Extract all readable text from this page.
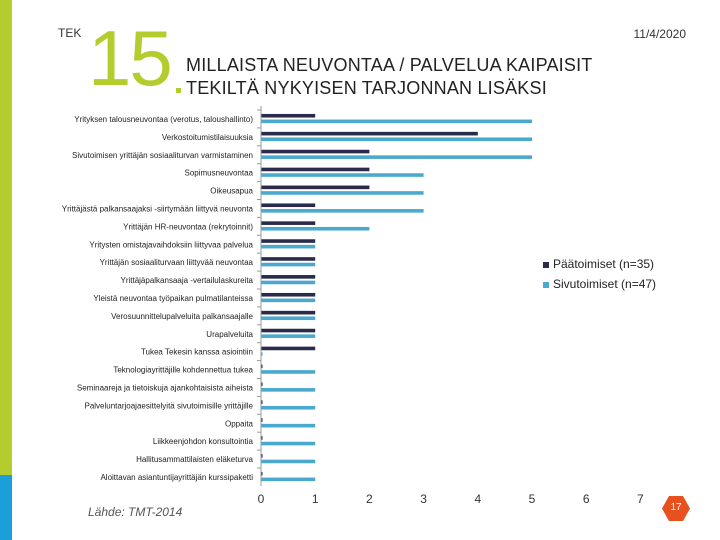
TEK	11/4/2020
15 MILLAISTA NEUVONTAA / PALVELUA KAIPAISIT
TEKILTÄ NYKYISEN TARJONNAN LISÄKSI
Yrityksen talousneuvontaa (verotus, taloushallinto)
Verkostoitumistilaisuuksia
Sivutoimisen yrittäjän sosiaaliturvan varmistaminen
Sopimusneuvontaa
Oikeusapua
Yrittäjästä palkansaajaksi -siirtymään liittyvä neuvonta
Yrittäjän HR-neuvontaa (rekrytoinnit)
Yritysten omistajavaihdoksiin liittyvaa palvelua
Yrittäjän sosiaaliturvaan liittyvää neuvontaa
Yrittäjäpalkansaaja -vertailulaskureita
Yleistä neuvontaa työpaikan pulmatilanteissa
Verosuunnittelupalveluita palkansaajalle
Urapalveluita
Tukea Tekesin kanssa asiointiin
Teknologiayrittäjille kohdennettua tukea
Seminaareja ja tietoiskuja ajankohtaisista aiheista
Palveluntarjoajaesittelyitä sivutoimisille yrittäjille
Oppaita
Liikkeenjohdon konsultointia
Hallitusammattilaisten eläketurva
Aloittavan asiantuntijayrittäjän kurssipaketti
0	1	2	3	4	5	6	7
Päätoimiset (n=35)
Sivutoimiset (n=47)
Lähde: TMT-2014	17
